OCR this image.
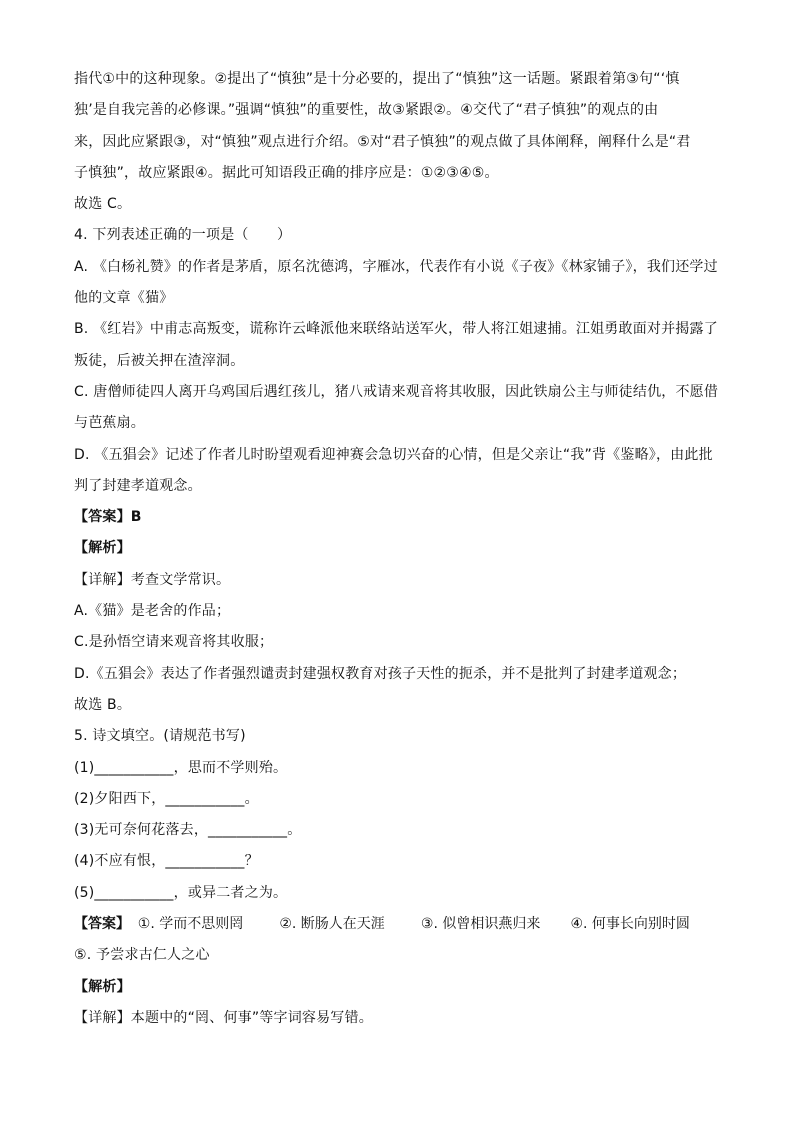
指代①中的这种现象。②提出了“慎独”是十分必要的，提出了“慎独”这一话题。紧跟着第③句“‘慎
独’是自我完善的必修课。”强调“慎独”的重要性，故③紧跟②。④交代了“君子慎独”的观点的由
来，因此应紧跟③，对“慎独”观点进行介绍。⑤对“君子慎独”的观点做了具体阐释，阐释什么是“君
子慎独”，故应紧跟④。据此可知语段正确的排序应是：①②③④⑤。
故选 C。
4. 下列表述正确的一项是（　　）
A. 《白杨礼赞》的作者是茅盾，原名沈德鸿，字雁冰，代表作有小说《子夜》《林家铺子》，我们还学过
他的文章《猫》
B. 《红岩》中甫志高叛变，谎称许云峰派他来联络站送军火，带人将江姐逮捕。江姐勇敢面对并揭露了
叛徒，后被关押在渣滓洞。
C. 唐僧师徒四人离开乌鸡国后遇红孩儿，猪八戒请来观音将其收服，因此铁扇公主与师徒结仇，不愿借
与芭蕉扇。
D. 《五猖会》记述了作者儿时盼望观看迎神赛会急切兴奋的心情，但是父亲让“我”背《鉴略》，由此批
判了封建孝道观念。
【答案】B
【解析】
【详解】考查文学常识。
A.《猫》是老舍的作品；
C.是孙悟空请来观音将其收服；
D.《五猖会》表达了作者强烈谴责封建强权教育对孩子天性的扼杀，并不是批判了封建孝道观念；
故选 B。
5. 诗文填空。(请规范书写)
(1)___________，思而不学则殆。
(2)夕阳西下，___________。
(3)无可奈何花落去，___________。
(4)不应有恨，___________？
(5)___________，或异二者之为。
【答案】 ①. 学而不思则罔	②. 断肠人在天涯	③. 似曾相识燕归来	④. 何事长向别时圆
⑤. 予尝求古仁人之心
【解析】
【详解】本题中的“罔、何事”等字词容易写错。
